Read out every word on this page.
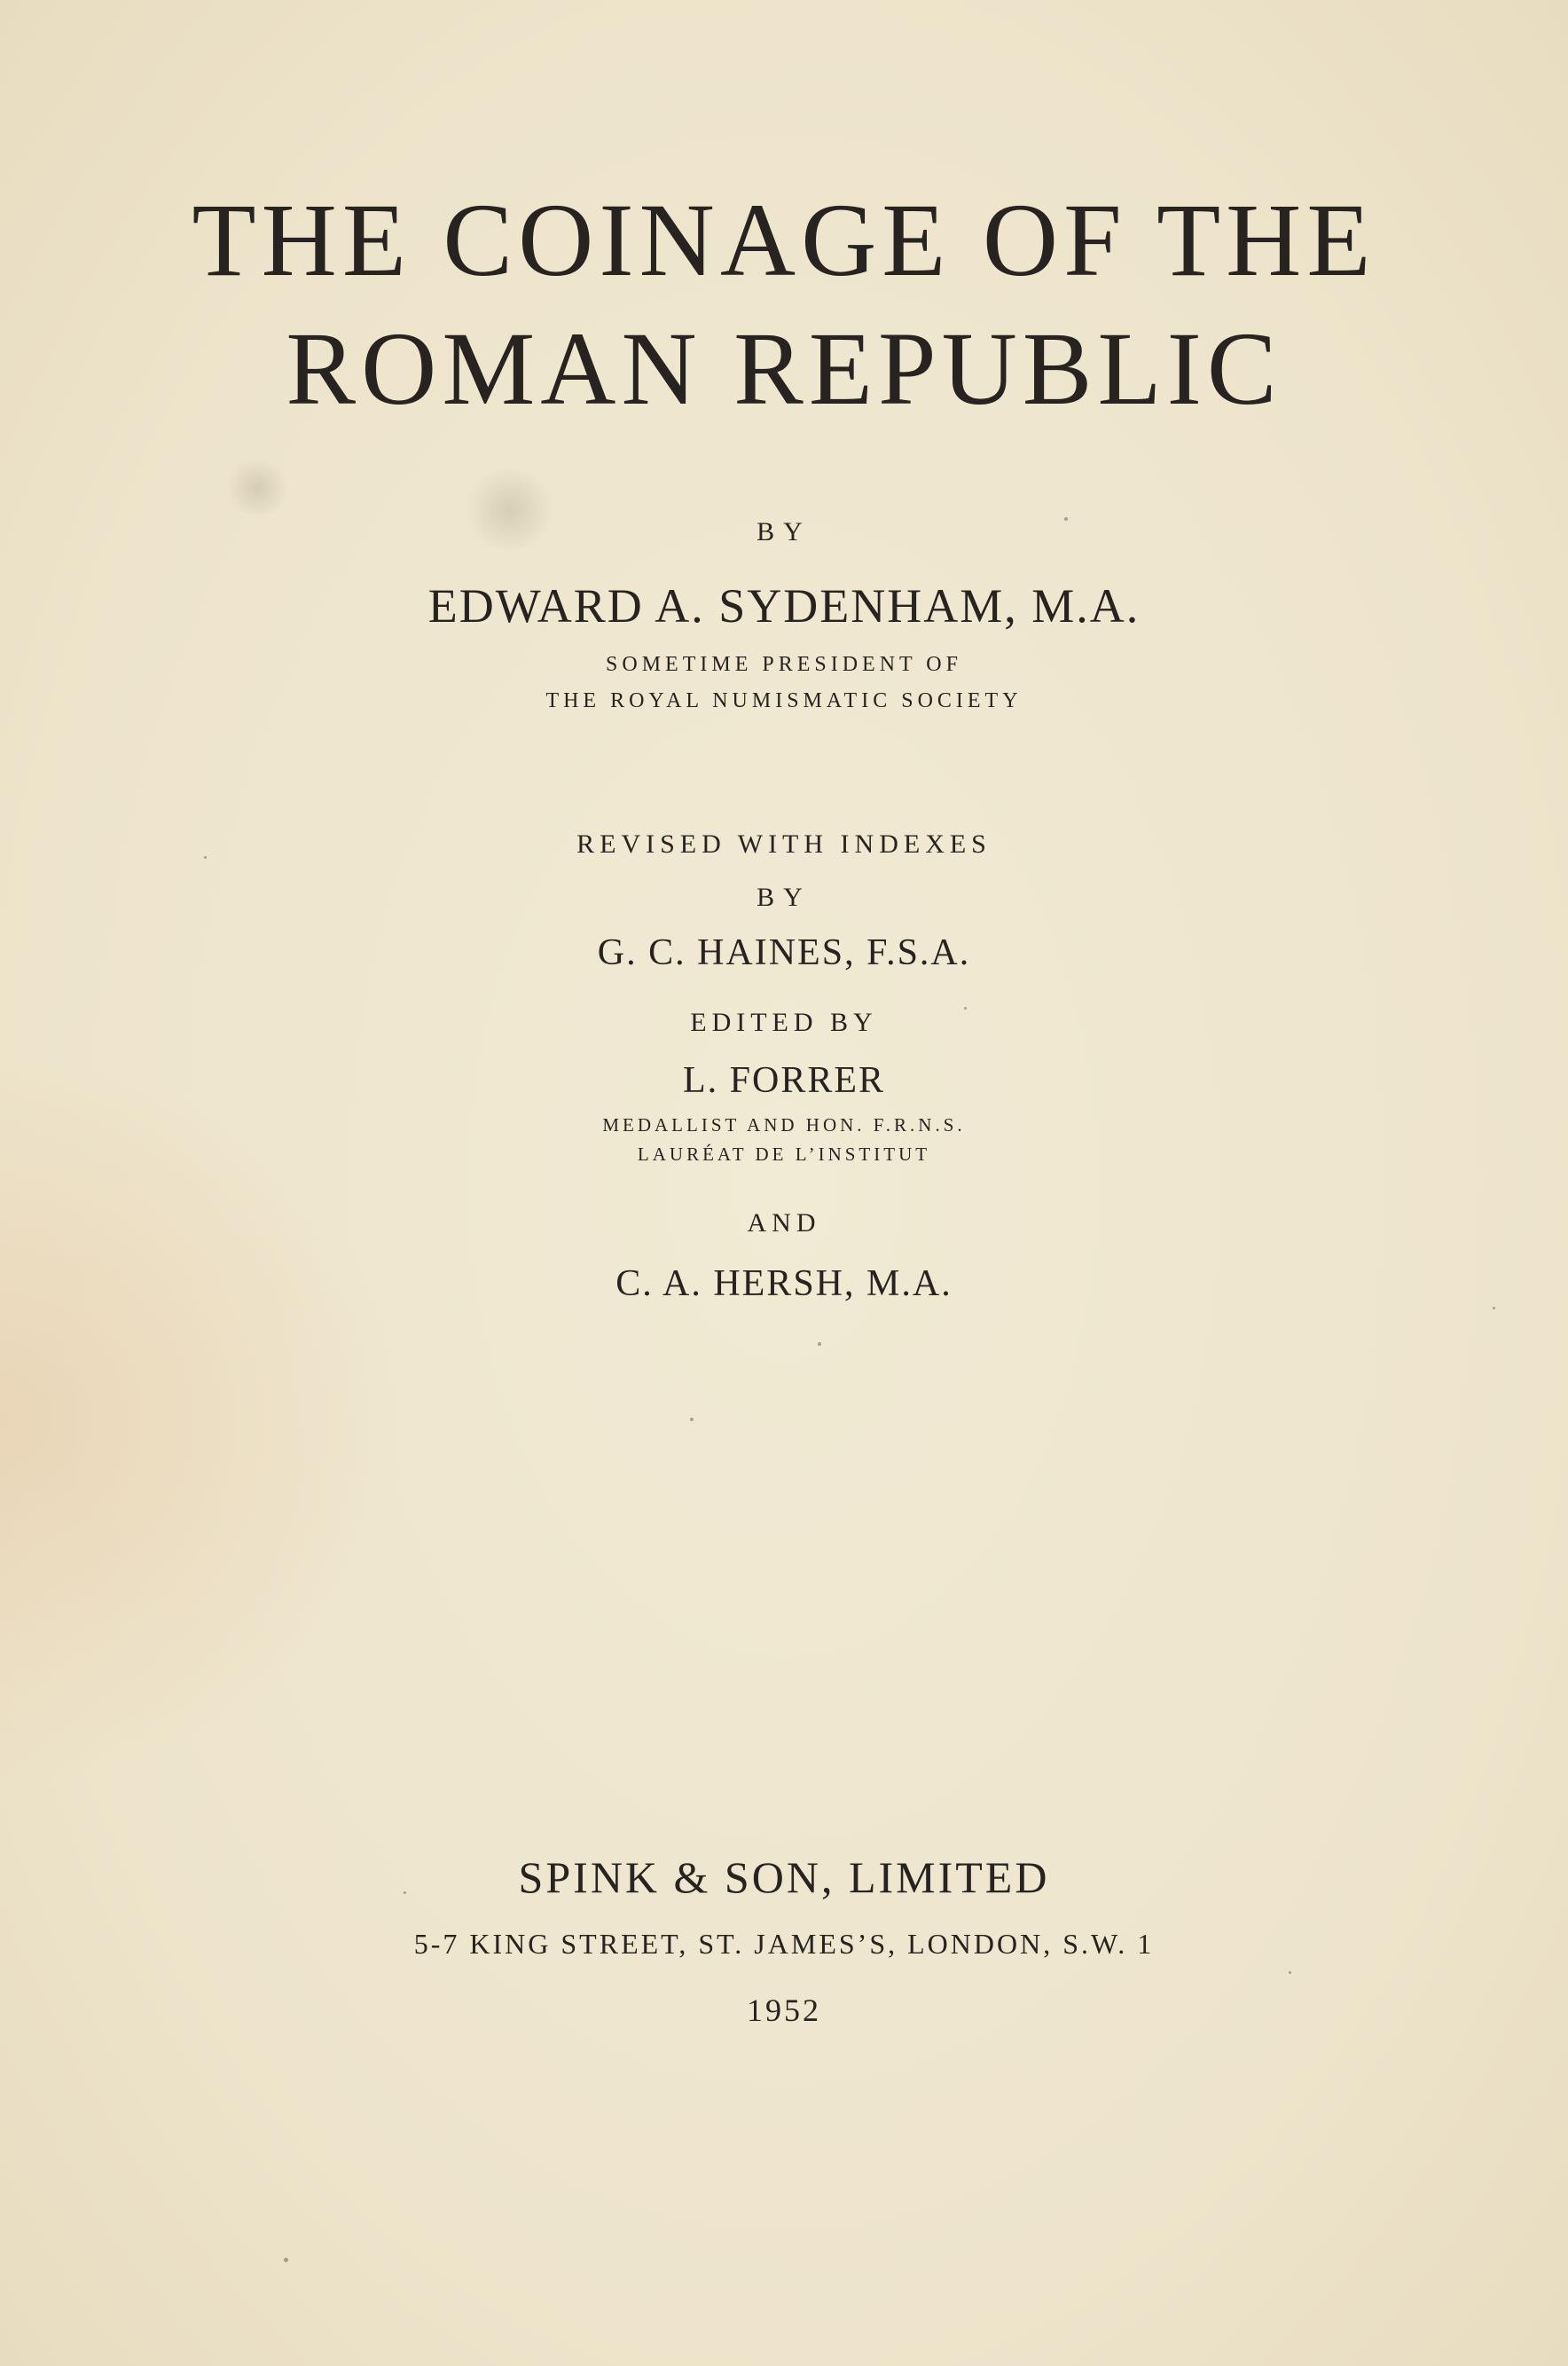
THE COINAGE OF THE
ROMAN REPUBLIC
BY
EDWARD A. SYDENHAM, M.A.
SOMETIME PRESIDENT OF
THE ROYAL NUMISMATIC SOCIETY
REVISED WITH INDEXES
BY
G. C. HAINES, F.S.A.
EDITED BY
L. FORRER
MEDALLIST AND HON. F.R.N.S.
LAURÉAT DE L’INSTITUT
AND
C. A. HERSH, M.A.
SPINK & SON, LIMITED
5-7 KING STREET, ST. JAMES’S, LONDON, S.W. 1
1952
